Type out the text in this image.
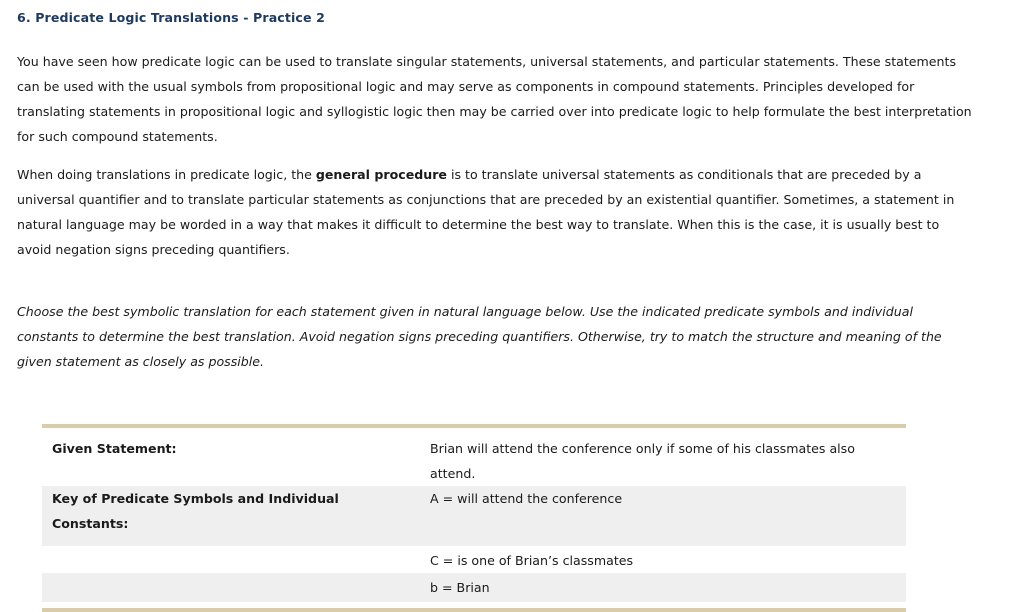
6. Predicate Logic Translations - Practice 2

You have seen how predicate logic can be used to translate singular statements, universal statements, and particular statements. These statements can be used with the usual symbols from propositional logic and may serve as components in compound statements. Principles developed for translating statements in propositional logic and syllogistic logic then may be carried over into predicate logic to help formulate the best interpretation for such compound statements.

When doing translations in predicate logic, the general procedure is to translate universal statements as conditionals that are preceded by a universal quantifier and to translate particular statements as conjunctions that are preceded by an existential quantifier. Sometimes, a statement in natural language may be worded in a way that makes it difficult to determine the best way to translate. When this is the case, it is usually best to avoid negation signs preceding quantifiers.

Choose the best symbolic translation for each statement given in natural language below. Use the indicated predicate symbols and individual constants to determine the best translation. Avoid negation signs preceding quantifiers. Otherwise, try to match the structure and meaning of the given statement as closely as possible.

Given Statement:	Brian will attend the conference only if some of his classmates also attend.
Key of Predicate Symbols and Individual Constants:	A = will attend the conference
	C = is one of Brian’s classmates
	b = Brian
